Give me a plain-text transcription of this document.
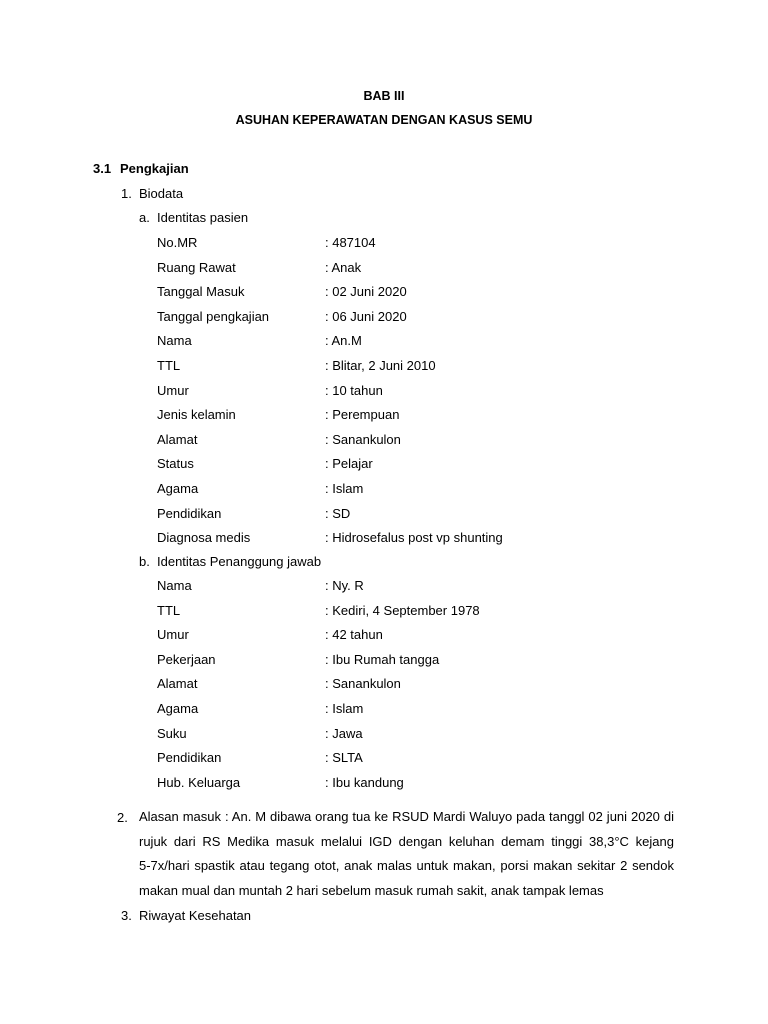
BAB III
ASUHAN KEPERAWATAN DENGAN KASUS SEMU
3.1 Pengkajian
1. Biodata
a. Identitas pasien
No.MR	: 487104
Ruang Rawat	: Anak
Tanggal Masuk	: 02 Juni 2020
Tanggal pengkajian	: 06 Juni 2020
Nama	: An.M
TTL	: Blitar, 2 Juni 2010
Umur	: 10 tahun
Jenis kelamin	: Perempuan
Alamat	: Sanankulon
Status	: Pelajar
Agama	: Islam
Pendidikan	: SD
Diagnosa medis	: Hidrosefalus post vp shunting
b. Identitas Penanggung jawab
Nama	: Ny. R
TTL	: Kediri, 4 September 1978
Umur	: 42 tahun
Pekerjaan	: Ibu Rumah tangga
Alamat	: Sanankulon
Agama	: Islam
Suku	: Jawa
Pendidikan	: SLTA
Hub. Keluarga	: Ibu kandung
2. Alasan masuk : An. M dibawa orang tua ke RSUD Mardi Waluyo pada tanggl 02 juni 2020 di
rujuk dari RS Medika masuk melalui IGD dengan keluhan demam tinggi 38,3°C kejang
5-7x/hari spastik atau tegang otot, anak malas untuk makan, porsi makan sekitar 2 sendok
makan mual dan muntah 2 hari sebelum masuk rumah sakit, anak tampak lemas
3. Riwayat Kesehatan
